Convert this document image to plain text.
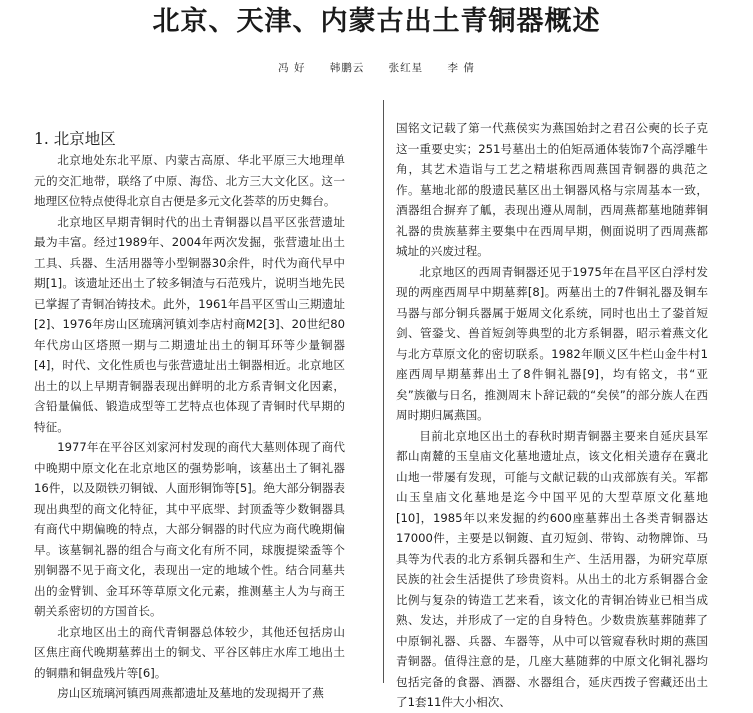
北京、天津、内蒙古出土青铜器概述
冯 好 韩鹏云 张红星 李 倩

1. 北京地区

北京地处东北平原、内蒙古高原、华北平原三大地理单元的交汇地带，联络了中原、海岱、北方三大文化区。这一地理区位特点使得北京自古便是多元文化荟萃的历史舞台。

北京地区早期青铜时代的出土青铜器以昌平区张营遗址最为丰富。经过1989年、2004年两次发掘，张营遗址出土工具、兵器、生活用器等小型铜器30余件，时代为商代早中期[1]。该遗址还出土了较多铜渣与石范残片，说明当地先民已掌握了青铜冶铸技术。此外，1961年昌平区雪山三期遗址[2]、1976年房山区琉璃河镇刘李店村商M2[3]、20世纪80年代房山区塔照一期与二期遗址出土的铜耳环等少量铜器[4]，时代、文化性质也与张营遗址出土铜器相近。北京地区出土的以上早期青铜器表现出鲜明的北方系青铜文化因素，含铅量偏低、锻造成型等工艺特点也体现了青铜时代早期的特征。

1977年在平谷区刘家河村发现的商代大墓则体现了商代中晚期中原文化在北京地区的强势影响，该墓出土了铜礼器16件，以及陨铁刃铜钺、人面形铜饰等[5]。绝大部分铜器表现出典型的商文化特征，其中平底斝、封顶盉等少数铜器具有商代中期偏晚的特点，大部分铜器的时代应为商代晚期偏早。该墓铜礼器的组合与商文化有所不同，球腹提梁盉等个别铜器不见于商文化，表现出一定的地域个性。结合同墓共出的金臂钏、金耳环等草原文化元素，推测墓主人为与商王朝关系密切的方国首长。

北京地区出土的商代青铜器总体较少，其他还包括房山区焦庄商代晚期墓葬出土的铜戈、平谷区韩庄水库工地出土的铜鼎和铜盘残片等[6]。

房山区琉璃河镇西周燕都遗址及墓地的发现揭开了燕

国铭文记载了第一代燕侯实为燕国始封之君召公奭的长子克这一重要史实；251号墓出土的伯矩鬲通体装饰7个高浮雕牛角，其艺术造诣与工艺之精堪称西周燕国青铜器的典范之作。墓地北部的殷遗民墓区出土铜器风格与宗周基本一致，酒器组合摒弃了觚，表现出遵从周制，西周燕都墓地随葬铜礼器的贵族墓葬主要集中在西周早期，侧面说明了西周燕都城址的兴废过程。

北京地区的西周青铜器还见于1975年在昌平区白浮村发现的两座西周早中期墓葬[8]。两墓出土的7件铜礼器及铜车马器与部分铜兵器属于姬周文化系统，同时也出土了銎首短剑、管銎戈、兽首短剑等典型的北方系铜器，昭示着燕文化与北方草原文化的密切联系。1982年顺义区牛栏山金牛村1座西周早期墓葬出土了8件铜礼器[9]，均有铭文，书“亚矣”族徽与日名，推测周末卜辞记载的“矣侯”的部分族人在西周时期归属燕国。

目前北京地区出土的春秋时期青铜器主要来自延庆县军都山南麓的玉皇庙文化墓地遗址点，该文化相关遗存在冀北山地一带屡有发现，可能与文献记载的山戎部族有关。军都山玉皇庙文化墓地是迄今中国平见的大型草原文化墓地[10]，1985年以来发掘的约600座墓葬出土各类青铜器达17000件，主要是以铜鍑、直刃短剑、带钩、动物牌饰、马具等为代表的北方系铜兵器和生产、生活用器，为研究草原民族的社会生活提供了珍贵资料。从出土的北方系铜器合金比例与复杂的铸造工艺来看，该文化的青铜冶铸业已相当成熟、发达，并形成了一定的自身特色。少数贵族墓葬随葬了中原铜礼器、兵器、车器等，从中可以管窥春秋时期的燕国青铜器。值得注意的是，几座大墓随葬的中原文化铜礼器均包括完备的食器、酒器、水器组合，延庆西拨子窖藏还出土了1套11件大小相次、
